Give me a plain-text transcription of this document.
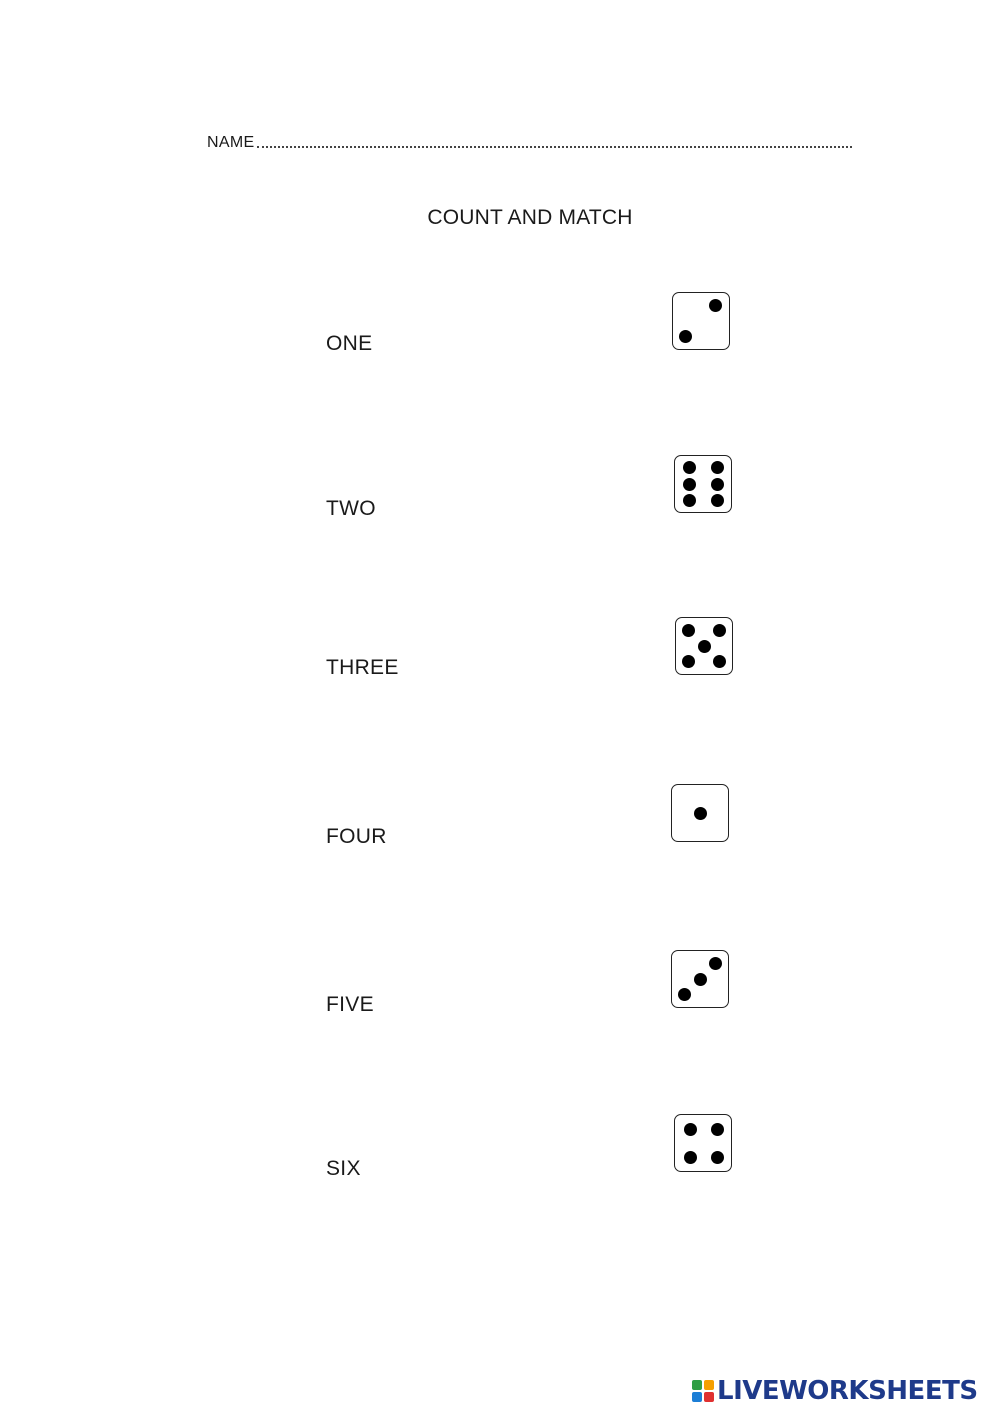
NAME
COUNT AND MATCH
ONE
TWO
THREE
FOUR
FIVE
SIX
LIVEWORKSHEETS
